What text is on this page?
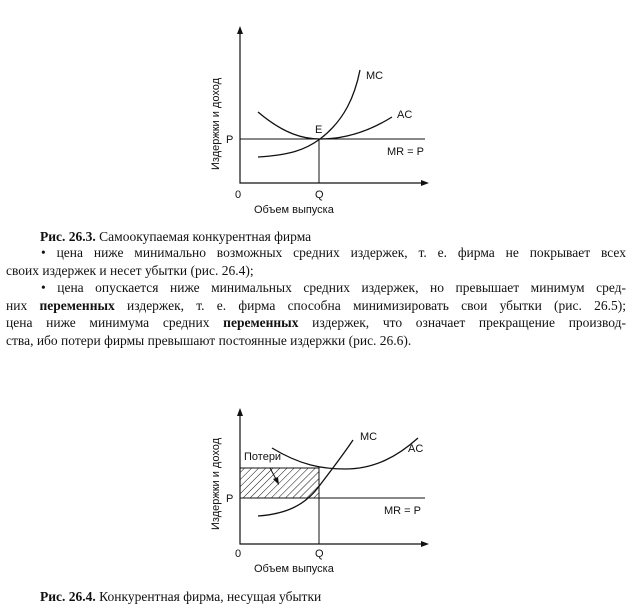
Издержки и доход
Объем выпуска
0	Q
P
E
MC
AC
MR = P
Рис. 26.3. Самоокупаемая конкурентная фирма
• цена ниже минимально возможных средних издержек, т. е. фирма не покрывает всех
своих издержек и несет убытки (рис. 26.4);
• цена опускается ниже минимальных средних издержек, но превышает минимум сред-
них переменных издержек, т. е. фирма способна минимизировать свои убытки (рис. 26.5);
цена ниже минимума средних переменных издержек, что означает прекращение производ-
ства, ибо потери фирмы превышают постоянные издержки (рис. 26.6).
Издержки и доход
Объем выпуска
0	Q
P
Потери
MC
AC
MR = P
Рис. 26.4. Конкурентная фирма, несущая убытки
